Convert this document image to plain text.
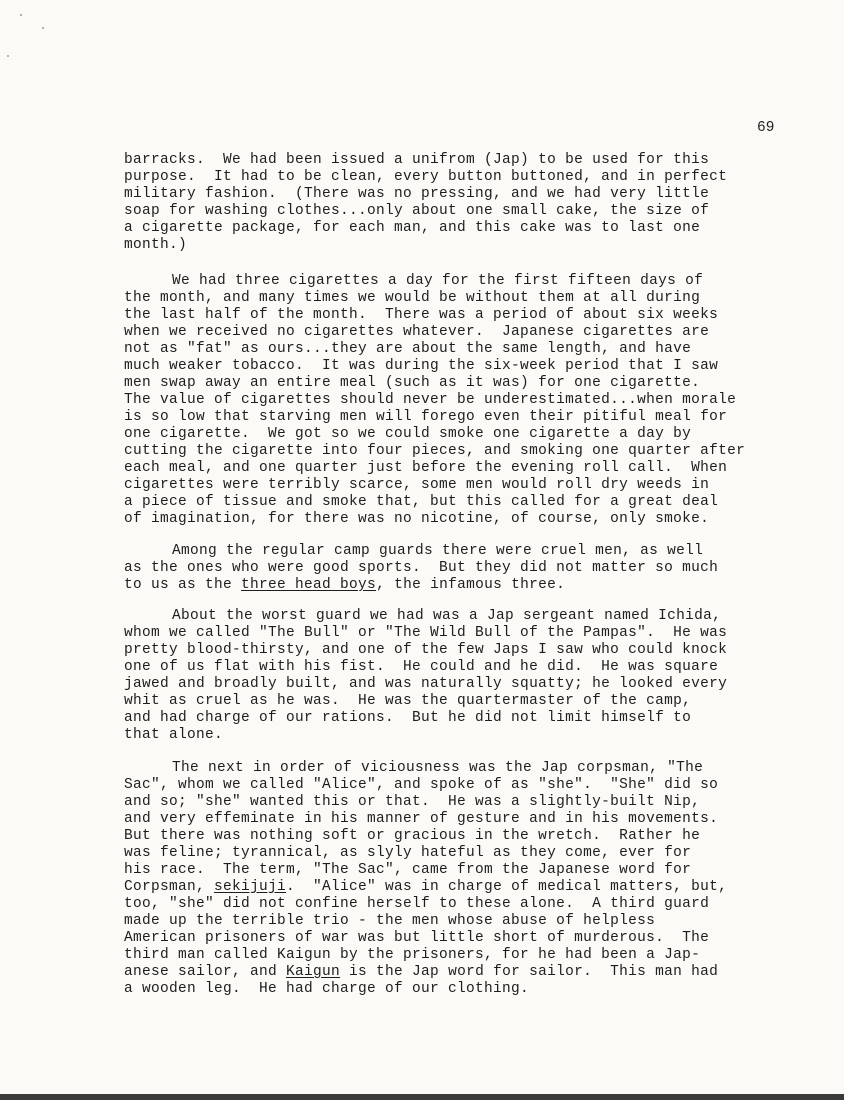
69
barracks.  We had been issued a unifrom (Jap) to be used for this
purpose.  It had to be clean, every button buttoned, and in perfect
military fashion.  (There was no pressing, and we had very little
soap for washing clothes...only about one small cake, the size of
a cigarette package, for each man, and this cake was to last one
month.)
We had three cigarettes a day for the first fifteen days of
the month, and many times we would be without them at all during
the last half of the month.  There was a period of about six weeks
when we received no cigarettes whatever.  Japanese cigarettes are
not as "fat" as ours...they are about the same length, and have
much weaker tobacco.  It was during the six-week period that I saw
men swap away an entire meal (such as it was) for one cigarette.
The value of cigarettes should never be underestimated...when morale
is so low that starving men will forego even their pitiful meal for
one cigarette.  We got so we could smoke one cigarette a day by
cutting the cigarette into four pieces, and smoking one quarter after
each meal, and one quarter just before the evening roll call.  When
cigarettes were terribly scarce, some men would roll dry weeds in
a piece of tissue and smoke that, but this called for a great deal
of imagination, for there was no nicotine, of course, only smoke.
Among the regular camp guards there were cruel men, as well
as the ones who were good sports.  But they did not matter so much
to us as the three head boys, the infamous three.
About the worst guard we had was a Jap sergeant named Ichida,
whom we called "The Bull" or "The Wild Bull of the Pampas".  He was
pretty blood-thirsty, and one of the few Japs I saw who could knock
one of us flat with his fist.  He could and he did.  He was square
jawed and broadly built, and was naturally squatty; he looked every
whit as cruel as he was.  He was the quartermaster of the camp,
and had charge of our rations.  But he did not limit himself to
that alone.
The next in order of viciousness was the Jap corpsman, "The
Sac", whom we called "Alice", and spoke of as "she".  "She" did so
and so; "she" wanted this or that.  He was a slightly-built Nip,
and very effeminate in his manner of gesture and in his movements.
But there was nothing soft or gracious in the wretch.  Rather he
was feline; tyrannical, as slyly hateful as they come, ever for
his race.  The term, "The Sac", came from the Japanese word for
Corpsman, sekijuji.  "Alice" was in charge of medical matters, but,
too, "she" did not confine herself to these alone.  A third guard
made up the terrible trio - the men whose abuse of helpless
American prisoners of war was but little short of murderous.  The
third man called Kaigun by the prisoners, for he had been a Jap-
anese sailor, and Kaigun is the Jap word for sailor.  This man had
a wooden leg.  He had charge of our clothing.
